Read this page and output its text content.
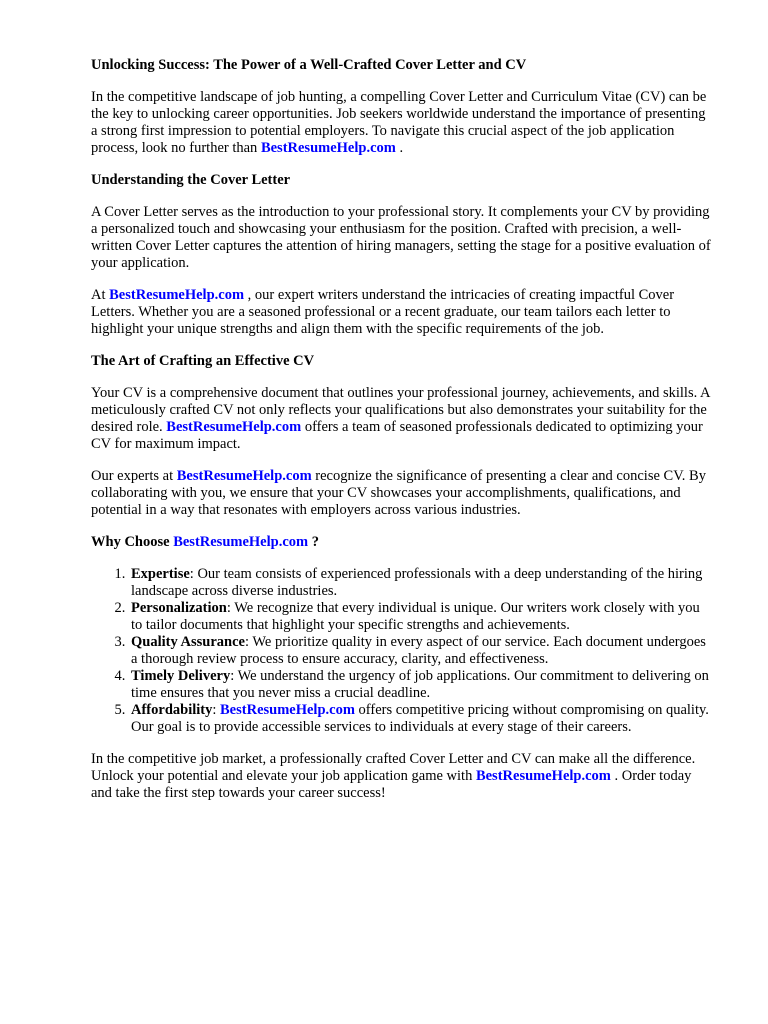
Unlocking Success: The Power of a Well-Crafted Cover Letter and CV

In the competitive landscape of job hunting, a compelling Cover Letter and Curriculum Vitae (CV) can be the key to unlocking career opportunities. Job seekers worldwide understand the importance of presenting a strong first impression to potential employers. To navigate this crucial aspect of the job application process, look no further than BestResumeHelp.com .

Understanding the Cover Letter

A Cover Letter serves as the introduction to your professional story. It complements your CV by providing a personalized touch and showcasing your enthusiasm for the position. Crafted with precision, a well-written Cover Letter captures the attention of hiring managers, setting the stage for a positive evaluation of your application.

At BestResumeHelp.com , our expert writers understand the intricacies of creating impactful Cover Letters. Whether you are a seasoned professional or a recent graduate, our team tailors each letter to highlight your unique strengths and align them with the specific requirements of the job.

The Art of Crafting an Effective CV

Your CV is a comprehensive document that outlines your professional journey, achievements, and skills. A meticulously crafted CV not only reflects your qualifications but also demonstrates your suitability for the desired role. BestResumeHelp.com offers a team of seasoned professionals dedicated to optimizing your CV for maximum impact.

Our experts at BestResumeHelp.com recognize the significance of presenting a clear and concise CV. By collaborating with you, we ensure that your CV showcases your accomplishments, qualifications, and potential in a way that resonates with employers across various industries.

Why Choose BestResumeHelp.com ?
1. Expertise: Our team consists of experienced professionals with a deep understanding of the hiring landscape across diverse industries.
2. Personalization: We recognize that every individual is unique. Our writers work closely with you to tailor documents that highlight your specific strengths and achievements.
3. Quality Assurance: We prioritize quality in every aspect of our service. Each document undergoes a thorough review process to ensure accuracy, clarity, and effectiveness.
4. Timely Delivery: We understand the urgency of job applications. Our commitment to delivering on time ensures that you never miss a crucial deadline.
5. Affordability: BestResumeHelp.com offers competitive pricing without compromising on quality. Our goal is to provide accessible services to individuals at every stage of their careers.

In the competitive job market, a professionally crafted Cover Letter and CV can make all the difference. Unlock your potential and elevate your job application game with BestResumeHelp.com . Order today and take the first step towards your career success!
